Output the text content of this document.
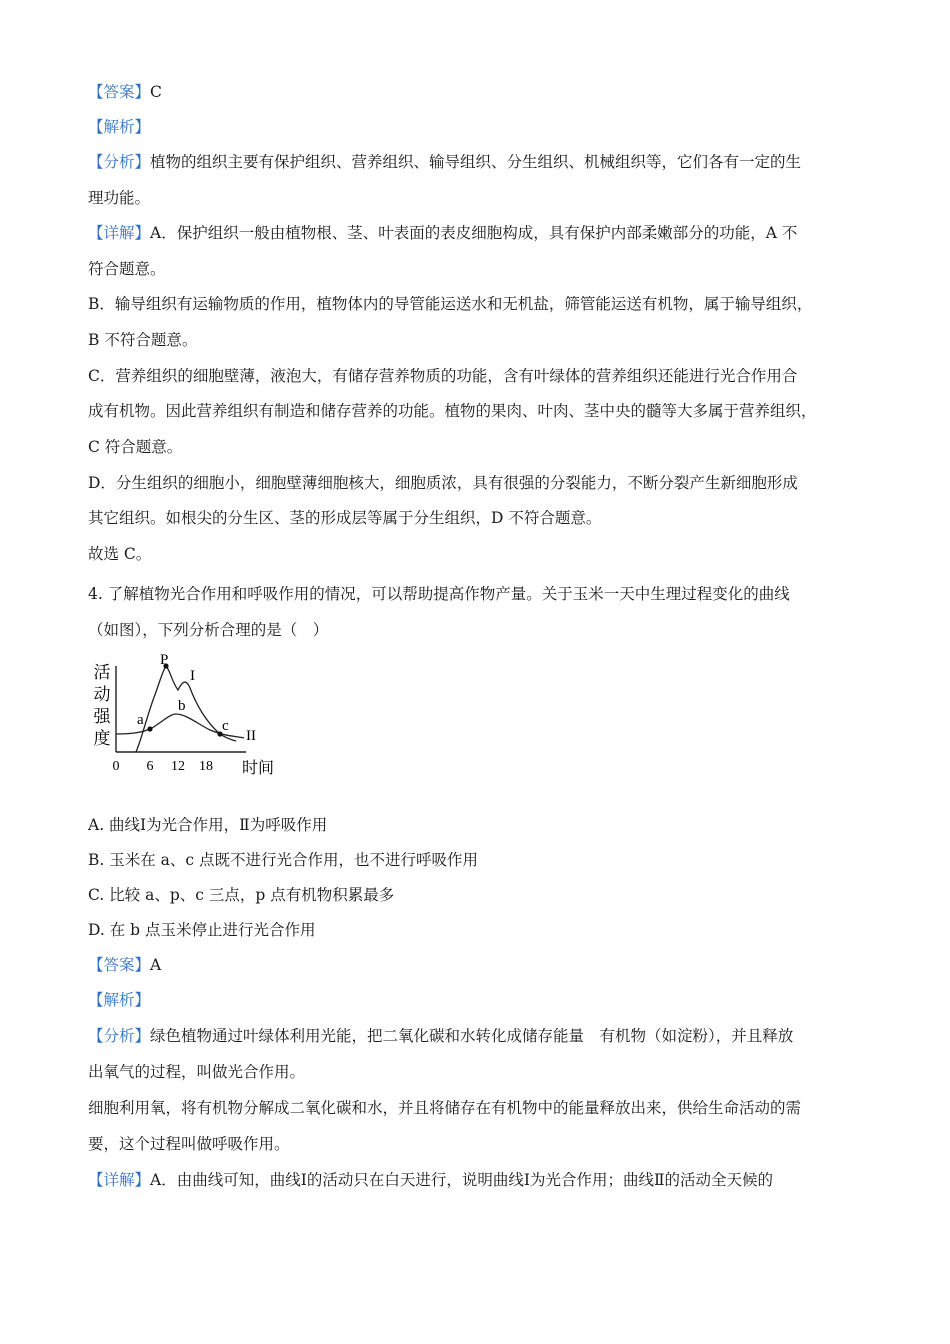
【答案】C
【解析】
【分析】植物的组织主要有保护组织、营养组织、输导组织、分生组织、机械组织等，它们各有一定的生
理功能。
【详解】A．保护组织一般由植物根、茎、叶表面的表皮细胞构成，具有保护内部柔嫩部分的功能，A 不
符合题意。
B．输导组织有运输物质的作用，植物体内的导管能运送水和无机盐，筛管能运送有机物，属于输导组织，
B 不符合题意。
C．营养组织的细胞壁薄，液泡大，有储存营养物质的功能，含有叶绿体的营养组织还能进行光合作用合
成有机物。因此营养组织有制造和储存营养的功能。植物的果肉、叶肉、茎中央的髓等大多属于营养组织，
C 符合题意。
D．分生组织的细胞小，细胞壁薄细胞核大，细胞质浓，具有很强的分裂能力，不断分裂产生新细胞形成
其它组织。如根尖的分生区、茎的形成层等属于分生组织，D 不符合题意。
故选 C。
4. 了解植物光合作用和呼吸作用的情况，可以帮助提高作物产量。关于玉米一天中生理过程变化的曲线
（如图），下列分析合理的是（　）
A. 曲线Ⅰ为光合作用，Ⅱ为呼吸作用
B. 玉米在 a、c 点既不进行光合作用，也不进行呼吸作用
C. 比较 a、p、c 三点，p 点有机物积累最多
D. 在 b 点玉米停止进行光合作用
【答案】A
【解析】
【分析】绿色植物通过叶绿体利用光能，把二氧化碳和水转化成储存能量　有机物（如淀粉），并且释放
出氧气的过程，叫做光合作用。
细胞利用氧，将有机物分解成二氧化碳和水，并且将储存在有机物中的能量释放出来，供给生命活动的需
要，这个过程叫做呼吸作用。
【详解】A．由曲线可知，曲线Ⅰ的活动只在白天进行，说明曲线Ⅰ为光合作用；曲线Ⅱ的活动全天候的
活
动
强
度
P
a
b
c
I
II
0 6 12 18 时间
